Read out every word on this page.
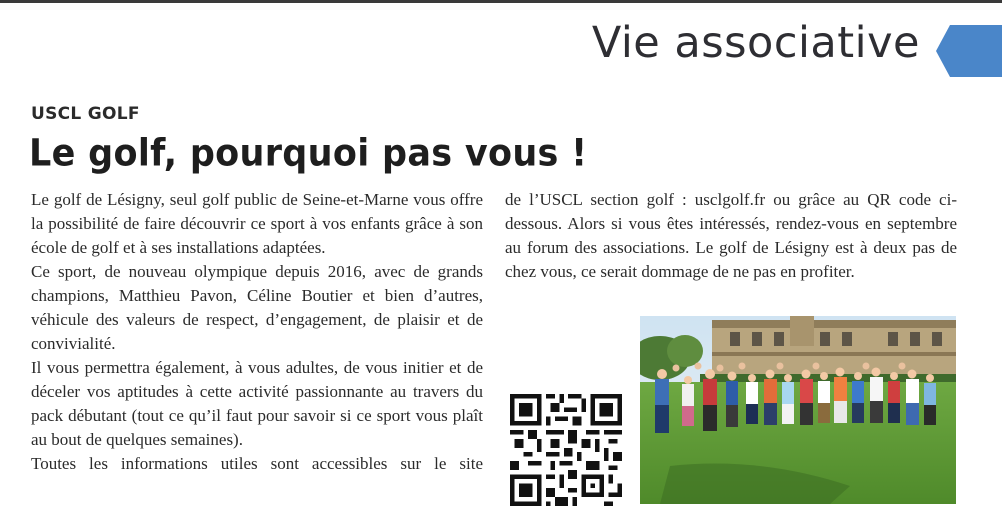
Vie associative
USCL GOLF
Le golf, pourquoi pas vous !

Le golf de Lésigny, seul golf public de Seine-et-Marne vous offre la possibilité de faire découvrir ce sport à vos enfants grâce à son école de golf et à ses installations adaptées.

Ce sport, de nouveau olympique depuis 2016, avec de grands champions, Matthieu Pavon, Céline Boutier et bien d’autres, véhicule des valeurs de respect, d’engagement, de plaisir et de convivialité.

Il vous permettra également, à vous adultes, de vous initier et de déceler vos aptitudes à cette activité passionnante au travers du pack débutant (tout ce qu’il faut pour savoir si ce sport vous plaît au bout de quelques semaines).

Toutes les informations utiles sont accessibles sur le site

de l’USCL section golf : usclgolf.fr ou grâce au QR code ci-dessous. Alors si vous êtes intéressés, rendez-vous en septembre au forum des associations. Le golf de Lésigny est à deux pas de chez vous, ce serait dommage de ne pas en profiter.
